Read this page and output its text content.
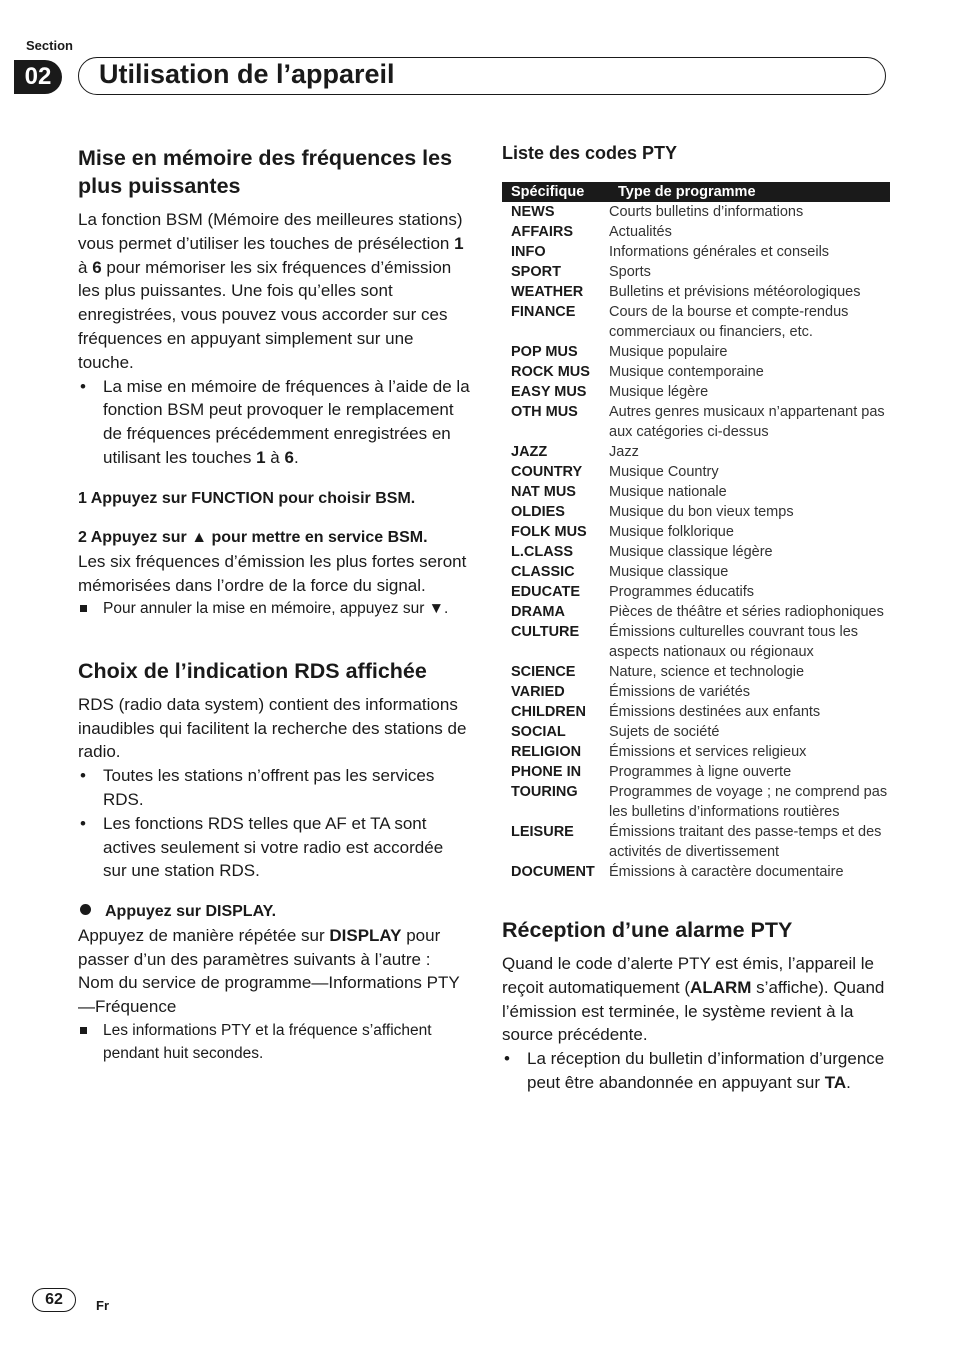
Section
02	Utilisation de l’appareil
Mise en mémoire des fréquences les plus puissantes

La fonction BSM (Mémoire des meilleures stations) vous permet d’utiliser les touches de présélection 1 à 6 pour mémoriser les six fréquences d’émission les plus puissantes. Une fois qu’elles sont enregistrées, vous pouvez vous accorder sur ces fréquences en appuyant simplement sur une touche.

• La mise en mémoire de fréquences à l’aide de la fonction BSM peut provoquer le remplacement de fréquences précédemment enregistrées en utilisant les touches 1 à 6.

1 Appuyez sur FUNCTION pour choisir BSM.

2 Appuyez sur ▲ pour mettre en service BSM.

Les six fréquences d’émission les plus fortes seront mémorisées dans l’ordre de la force du signal.

Pour annuler la mise en mémoire, appuyez sur ▼.

Choix de l’indication RDS affichée

RDS (radio data system) contient des informations inaudibles qui facilitent la recherche des stations de radio.

• Toutes les stations n’offrent pas les services RDS.
• Les fonctions RDS telles que AF et TA sont actives seulement si votre radio est accordée sur une station RDS.

Appuyez sur DISPLAY.

Appuyez de manière répétée sur DISPLAY pour passer d’un des paramètres suivants à l’autre :

Nom du service de programme—Informations PTY—Fréquence

Les informations PTY et la fréquence s’affichent pendant huit secondes.

Liste des codes PTY
Spécifique	Type de programme
NEWS	Courts bulletins d’informations
AFFAIRS	Actualités
INFO	Informations générales et conseils
SPORT	Sports
WEATHER	Bulletins et prévisions météorologiques
FINANCE	Cours de la bourse et compte-rendus commerciaux ou financiers, etc.
POP MUS	Musique populaire
ROCK MUS	Musique contemporaine
EASY MUS	Musique légère
OTH MUS	Autres genres musicaux n’appartenant pas aux catégories ci-dessus
JAZZ	Jazz
COUNTRY	Musique Country
NAT MUS	Musique nationale
OLDIES	Musique du bon vieux temps
FOLK MUS	Musique folklorique
L.CLASS	Musique classique légère
CLASSIC	Musique classique
EDUCATE	Programmes éducatifs
DRAMA	Pièces de théâtre et séries radiophoniques
CULTURE	Émissions culturelles couvrant tous les aspects nationaux ou régionaux
SCIENCE	Nature, science et technologie
VARIED	Émissions de variétés
CHILDREN	Émissions destinées aux enfants
SOCIAL	Sujets de société
RELIGION	Émissions et services religieux
PHONE IN	Programmes à ligne ouverte
TOURING	Programmes de voyage ; ne comprend pas les bulletins d’informations routières
LEISURE	Émissions traitant des passe-temps et des activités de divertissement
DOCUMENT	Émissions à caractère documentaire
Réception d’une alarme PTY

Quand le code d’alerte PTY est émis, l’appareil le reçoit automatiquement (ALARM s’affiche). Quand l’émission est terminée, le système revient à la source précédente.

• La réception du bulletin d’information d’urgence peut être abandonnée en appuyant sur TA.
62	Fr
